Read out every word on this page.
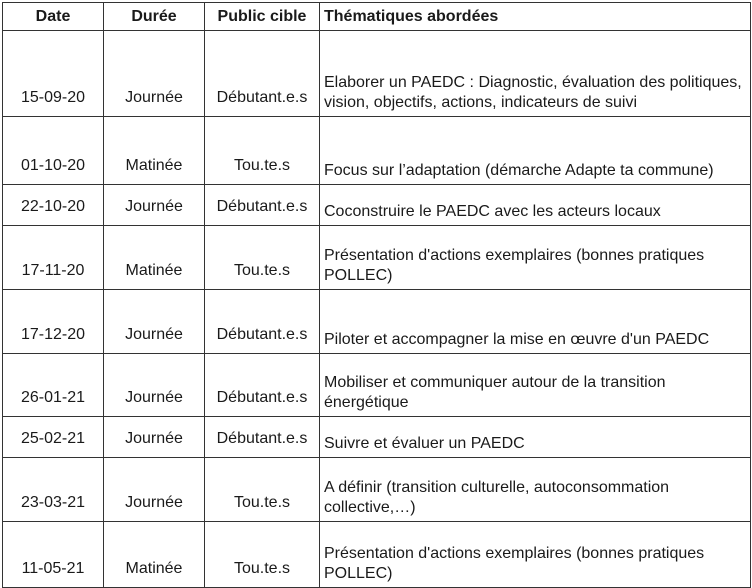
Date	Durée	Public cible	Thématiques abordées
15-09-20	Journée	Débutant.e.s	Elaborer un PAEDC : Diagnostic, évaluation des politiques, vision, objectifs, actions, indicateurs de suivi
01-10-20	Matinée	Tou.te.s	Focus sur l’adaptation (démarche Adapte ta commune)
22-10-20	Journée	Débutant.e.s	Coconstruire le PAEDC avec les acteurs locaux
17-11-20	Matinée	Tou.te.s	Présentation d'actions exemplaires (bonnes pratiques POLLEC)
17-12-20	Journée	Débutant.e.s	Piloter et accompagner la mise en œuvre d'un PAEDC
26-01-21	Journée	Débutant.e.s	Mobiliser et communiquer autour de la transition énergétique
25-02-21	Journée	Débutant.e.s	Suivre et évaluer un PAEDC
23-03-21	Journée	Tou.te.s	A définir (transition culturelle, autoconsommation collective,…)
11-05-21	Matinée	Tou.te.s	Présentation d'actions exemplaires (bonnes pratiques POLLEC)
